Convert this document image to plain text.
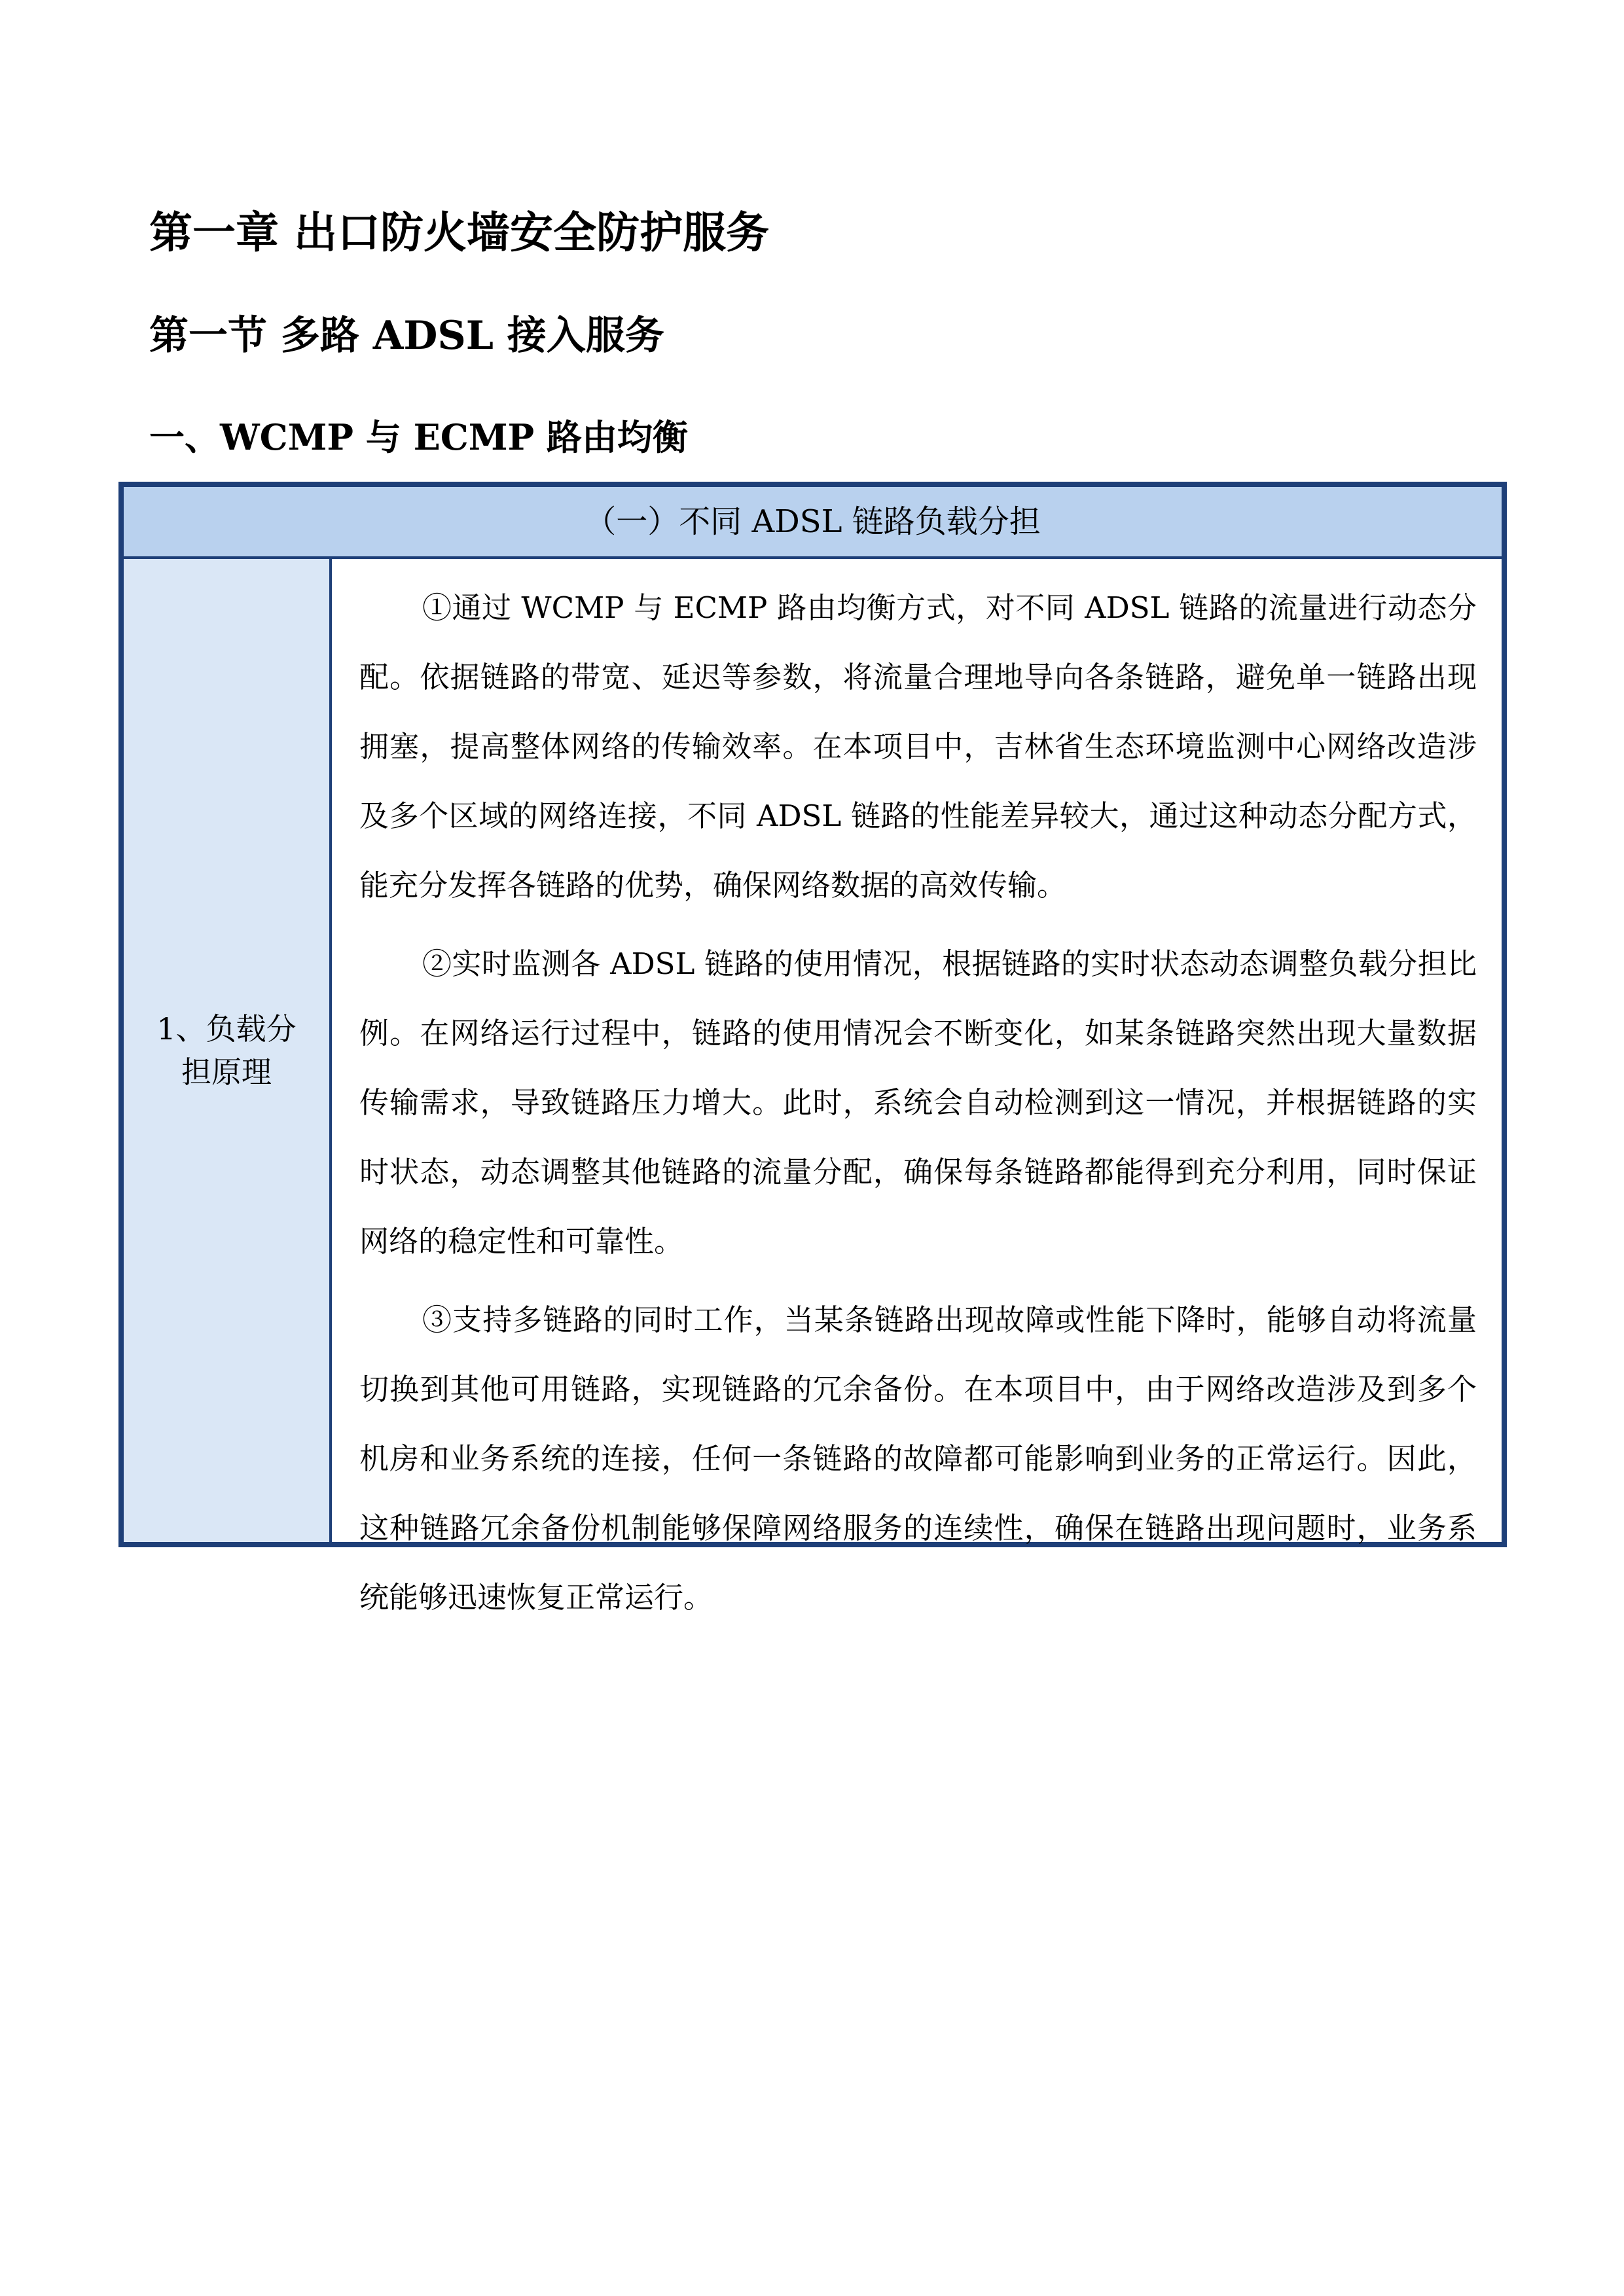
第一章 出口防火墙安全防护服务
第一节 多路 ADSL 接入服务
一、WCMP 与 ECMP 路由均衡
（一）不同 ADSL 链路负载分担
1、负载分担原理

①通过 WCMP 与 ECMP 路由均衡方式，对不同 ADSL 链路的流量进行动态分配。依据链路的带宽、延迟等参数，将流量合理地导向各条链路，避免单一链路出现拥塞，提高整体网络的传输效率。在本项目中，吉林省生态环境监测中心网络改造涉及多个区域的网络连接，不同 ADSL 链路的性能差异较大，通过这种动态分配方式，能充分发挥各链路的优势，确保网络数据的高效传输。

②实时监测各 ADSL 链路的使用情况，根据链路的实时状态动态调整负载分担比例。在网络运行过程中，链路的使用情况会不断变化，如某条链路突然出现大量数据传输需求，导致链路压力增大。此时，系统会自动检测到这一情况，并根据链路的实时状态，动态调整其他链路的流量分配，确保每条链路都能得到充分利用，同时保证网络的稳定性和可靠性。

③支持多链路的同时工作，当某条链路出现故障或性能下降时，能够自动将流量切换到其他可用链路，实现链路的冗余备份。在本项目中，由于网络改造涉及到多个机房和业务系统的连接，任何一条链路的故障都可能影响到业务的正常运行。因此，这种链路冗余备份机制能够保障网络服务的连续性，确保在链路出现问题时，业务系统能够迅速恢复正常运行。
